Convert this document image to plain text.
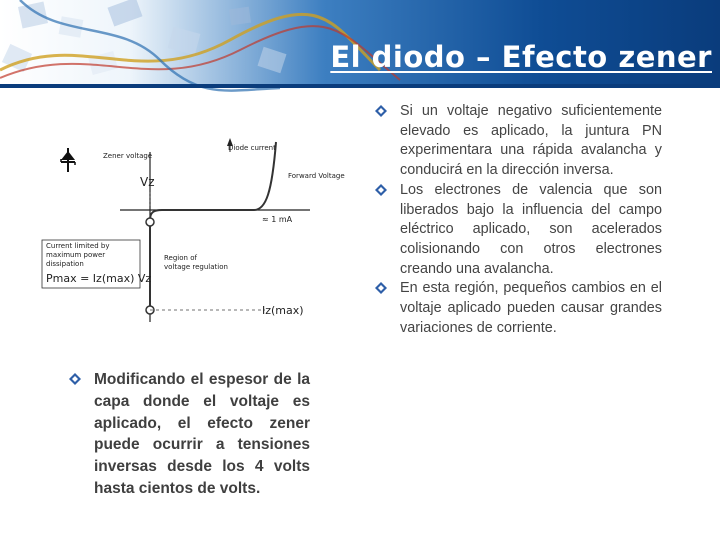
El diodo – Efecto zener
Diode current
Zener voltage
Vz	Forward Voltage
≈ 1 mA
Current limited by maximum power dissipation
Pmax = Iz(max) Vz
Region of voltage regulation
Iz(max)
Modificando el espesor de la capa donde el voltaje es aplicado, el efecto zener puede ocurrir a tensiones inversas desde los 4 volts hasta cientos de volts.
Si un voltaje negativo suficientemente elevado es aplicado, la juntura PN experimentara una rápida avalancha y conducirá en la dirección inversa.
Los electrones de valencia que son liberados bajo la influencia del campo eléctrico aplicado, son acelerados colisionando con otros electrones creando una avalancha.
En esta región, pequeños cambios en el voltaje aplicado pueden causar grandes variaciones de corriente.
